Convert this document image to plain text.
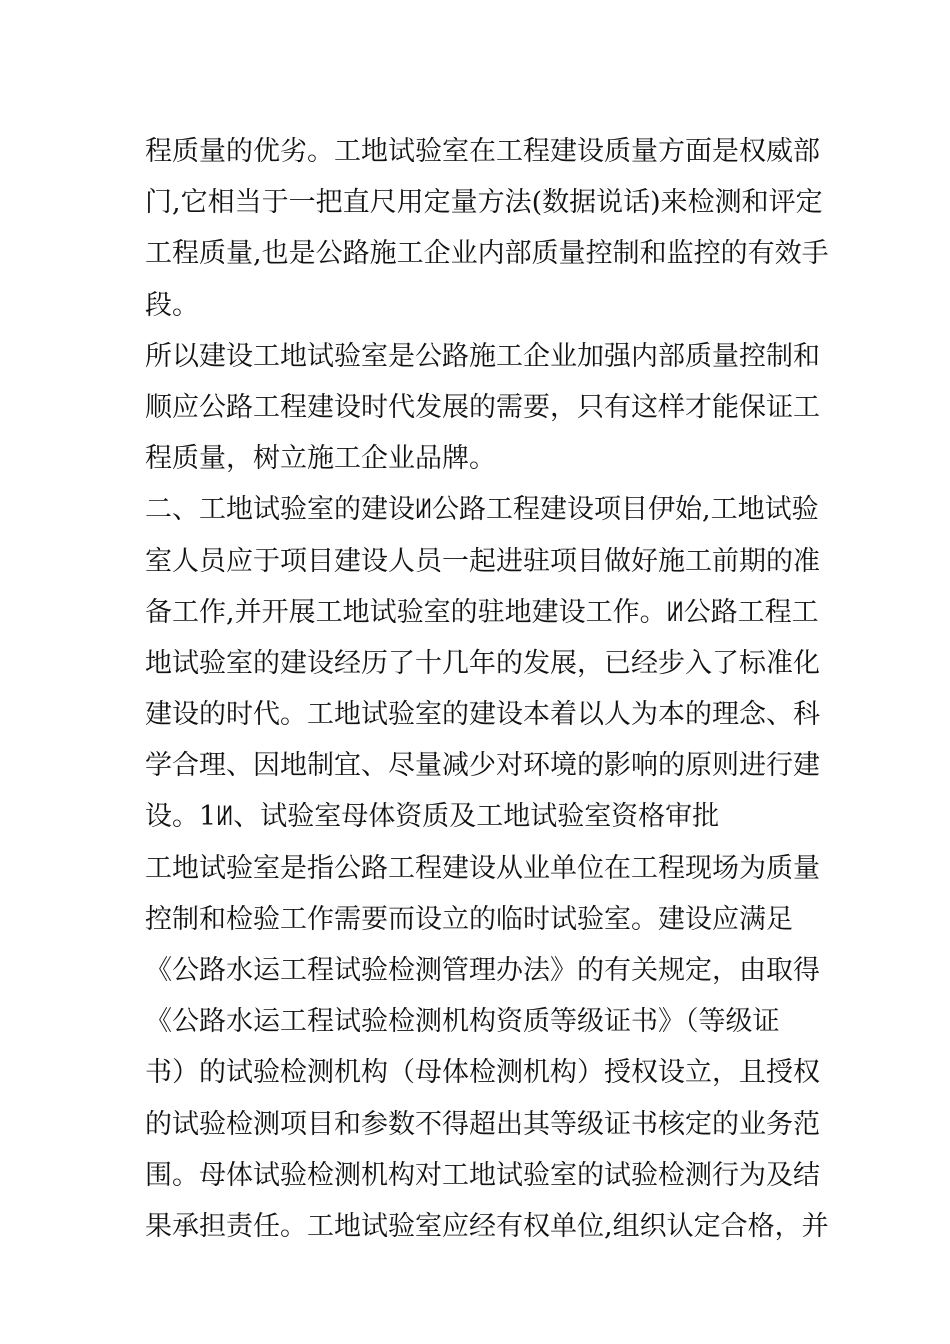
程质量的优劣。工地试验室在工程建设质量方面是权威部
门,它相当于一把直尺用定量方法(数据说话)来检测和评定
工程质量,也是公路施工企业内部质量控制和监控的有效手
段。
所以建设工地试验室是公路施工企业加强内部质量控制和
顺应公路工程建设时代发展的需要，只有这样才能保证工
程质量，树立施工企业品牌。
二、工地试验室的建设ꖦ公路工程建设项目伊始,工地试验
室人员应于项目建设人员一起进驻项目做好施工前期的准
备工作,并开展工地试验室的驻地建设工作。ꖦ公路工程工
地试验室的建设经历了十几年的发展，已经步入了标准化
建设的时代。工地试验室的建设本着以人为本的理念、科
学合理、因地制宜、尽量减少对环境的影响的原则进行建
设。1ꖦ、试验室母体资质及工地试验室资格审批
工地试验室是指公路工程建设从业单位在工程现场为质量
控制和检验工作需要而设立的临时试验室。建设应满足
《公路水运工程试验检测管理办法》的有关规定，由取得
《公路水运工程试验检测机构资质等级证书》（等级证
书）的试验检测机构（母体检测机构）授权设立，且授权
的试验检测项目和参数不得超出其等级证书核定的业务范
围。母体试验检测机构对工地试验室的试验检测行为及结
果承担责任。工地试验室应经有权单位,组织认定合格，并
